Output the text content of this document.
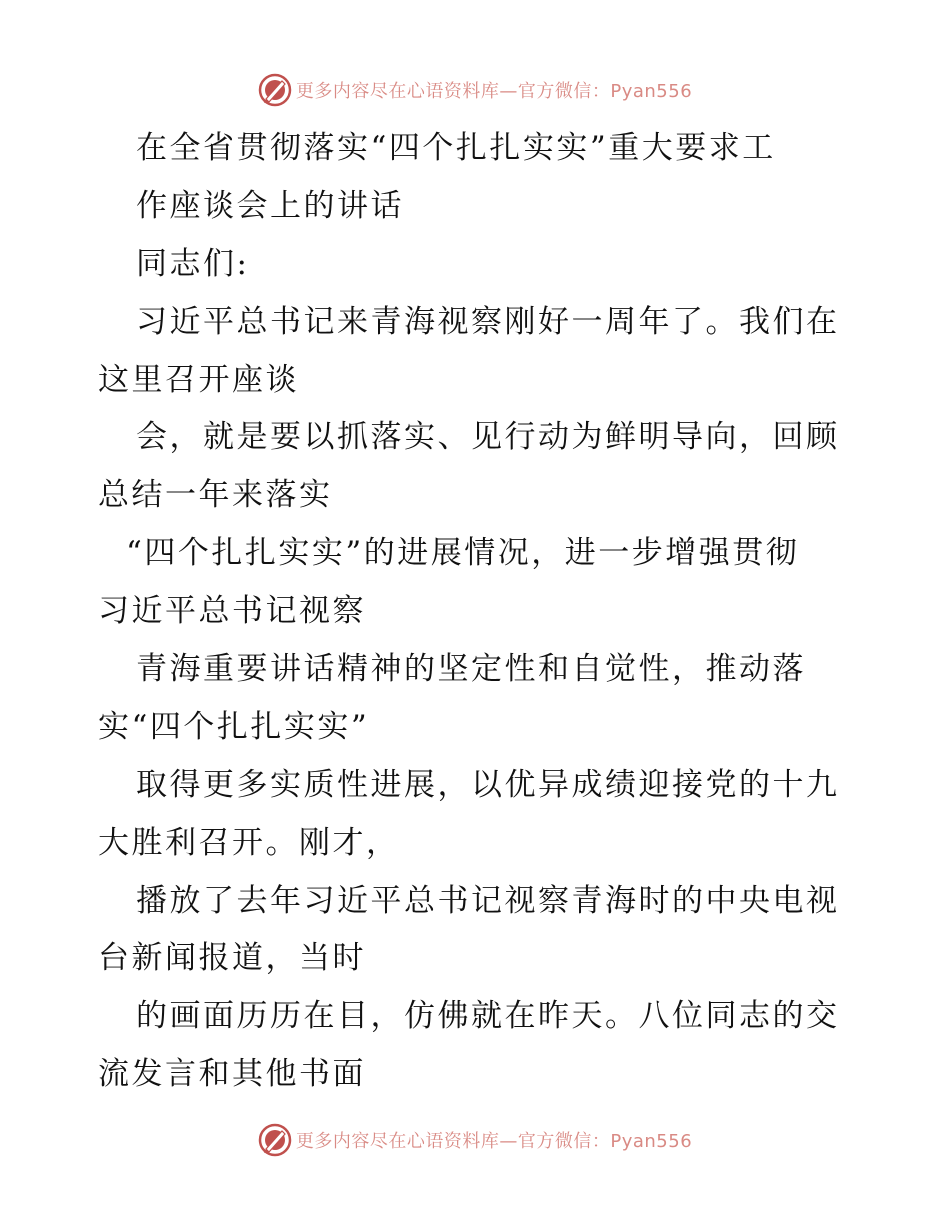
更多内容尽在心语资料库—官方微信：Pyan556
在全省贯彻落实“四个扎扎实实”重大要求工
作座谈会上的讲话
同志们:
习近平总书记来青海视察刚好一周年了。我们在
这里召开座谈
会，就是要以抓落实、见行动为鲜明导向，回顾
总结一年来落实
“四个扎扎实实”的进展情况，进一步增强贯彻
习近平总书记视察
青海重要讲话精神的坚定性和自觉性，推动落
实“四个扎扎实实”
取得更多实质性进展，以优异成绩迎接党的十九
大胜利召开。刚才，
播放了去年习近平总书记视察青海时的中央电视
台新闻报道，当时
的画面历历在目，仿佛就在昨天。八位同志的交
流发言和其他书面
更多内容尽在心语资料库—官方微信：Pyan556
